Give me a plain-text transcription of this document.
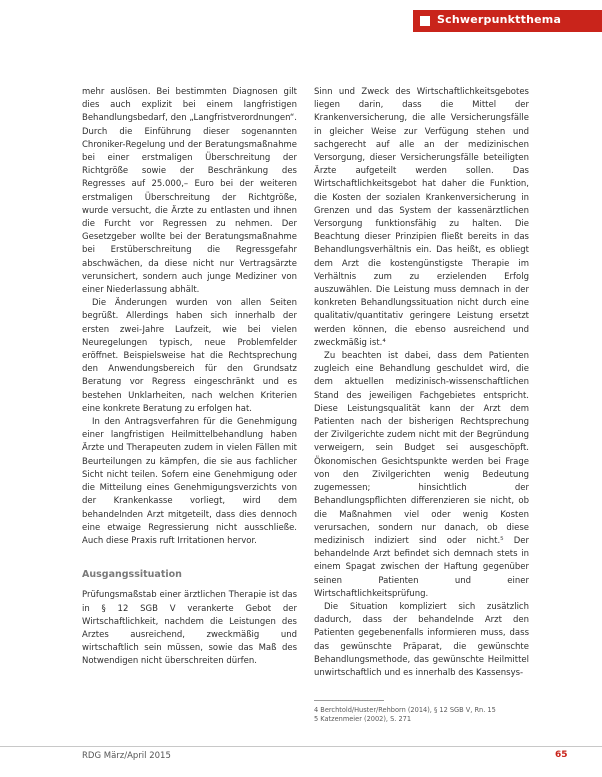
Schwerpunktthema

mehr auslösen. Bei bestimmten Diagnosen gilt dies auch explizit bei einem langfristigen Behandlungsbedarf, den „Langfristverordnungen“. Durch die Einführung dieser sogenannten Chroniker-Regelung und der Beratungsmaßnahme bei einer erstmaligen Überschreitung der Richtgröße sowie der Beschränkung des Regresses auf 25.000,– Euro bei der weiteren erstmaligen Überschreitung der Richtgröße, wurde versucht, die Ärzte zu entlasten und ihnen die Furcht vor Regressen zu nehmen. Der Gesetzgeber wollte bei der Beratungsmaßnahme bei Erstüberschreitung die Regressgefahr abschwächen, da diese nicht nur Vertragsärzte verunsichert, sondern auch junge Mediziner von einer Niederlassung abhält.

Die Änderungen wurden von allen Seiten begrüßt. Allerdings haben sich innerhalb der ersten zwei-Jahre Laufzeit, wie bei vielen Neuregelungen typisch, neue Problemfelder eröffnet. Beispielsweise hat die Rechtsprechung den Anwendungsbereich für den Grundsatz Beratung vor Regress eingeschränkt und es bestehen Unklarheiten, nach welchen Kriterien eine konkrete Beratung zu erfolgen hat.

In den Antragsverfahren für die Genehmigung einer langfristigen Heilmittelbehandlung haben Ärzte und Therapeuten zudem in vielen Fällen mit Beurteilungen zu kämpfen, die sie aus fachlicher Sicht nicht teilen. Sofern eine Genehmigung oder die Mitteilung eines Genehmigungsverzichts von der Krankenkasse vorliegt, wird dem behandelnden Arzt mitgeteilt, dass dies dennoch eine etwaige Regressierung nicht ausschließe. Auch diese Praxis ruft Irritationen hervor.

Ausgangssituation

Prüfungsmaßstab einer ärztlichen Therapie ist das in § 12 SGB V verankerte Gebot der Wirtschaftlichkeit, nachdem die Leistungen des Arztes ausreichend, zweckmäßig und wirtschaftlich sein müssen, sowie das Maß des Notwendigen nicht überschreiten dürfen.

Sinn und Zweck des Wirtschaftlichkeitsgebotes liegen darin, dass die Mittel der Krankenversicherung, die alle Versicherungsfälle in gleicher Weise zur Verfügung stehen und sachgerecht auf alle an der medizinischen Versorgung, dieser Versicherungsfälle beteiligten Ärzte aufgeteilt werden sollen. Das Wirtschaftlichkeitsgebot hat daher die Funktion, die Kosten der sozialen Krankenversicherung in Grenzen und das System der kassenärztlichen Versorgung funktionsfähig zu halten. Die Beachtung dieser Prinzipien fließt bereits in das Behandlungsverhältnis ein. Das heißt, es obliegt dem Arzt die kostengünstigste Therapie im Verhältnis zum zu erzielenden Erfolg auszuwählen. Die Leistung muss demnach in der konkreten Behandlungssituation nicht durch eine qualitativ/quantitativ geringere Leistung ersetzt werden können, die ebenso ausreichend und zweckmäßig ist.⁴

Zu beachten ist dabei, dass dem Patienten zugleich eine Behandlung geschuldet wird, die dem aktuellen medizinisch-wissenschaftlichen Stand des jeweiligen Fachgebietes entspricht. Diese Leistungsqualität kann der Arzt dem Patienten nach der bisherigen Rechtsprechung der Zivilgerichte zudem nicht mit der Begründung verweigern, sein Budget sei ausgeschöpft. Ökonomischen Gesichtspunkte werden bei Frage von den Zivilgerichten wenig Bedeutung zugemessen; hinsichtlich der Behandlungspflichten differenzieren sie nicht, ob die Maßnahmen viel oder wenig Kosten verursachen, sondern nur danach, ob diese medizinisch indiziert sind oder nicht.⁵ Der behandelnde Arzt befindet sich demnach stets in einem Spagat zwischen der Haftung gegenüber seinen Patienten und einer Wirtschaftlichkeitsprüfung.

Die Situation kompliziert sich zusätzlich dadurch, dass der behandelnde Arzt den Patienten gegebenenfalls informieren muss, dass das gewünschte Präparat, die gewünschte Behandlungsmethode, das gewünschte Heilmittel unwirtschaftlich und es innerhalb des Kassensys-

4 Berchtold/Huster/Rehborn (2014), § 12 SGB V, Rn. 15
5 Katzenmeier (2002), S. 271
RDG März/April 2015	65
